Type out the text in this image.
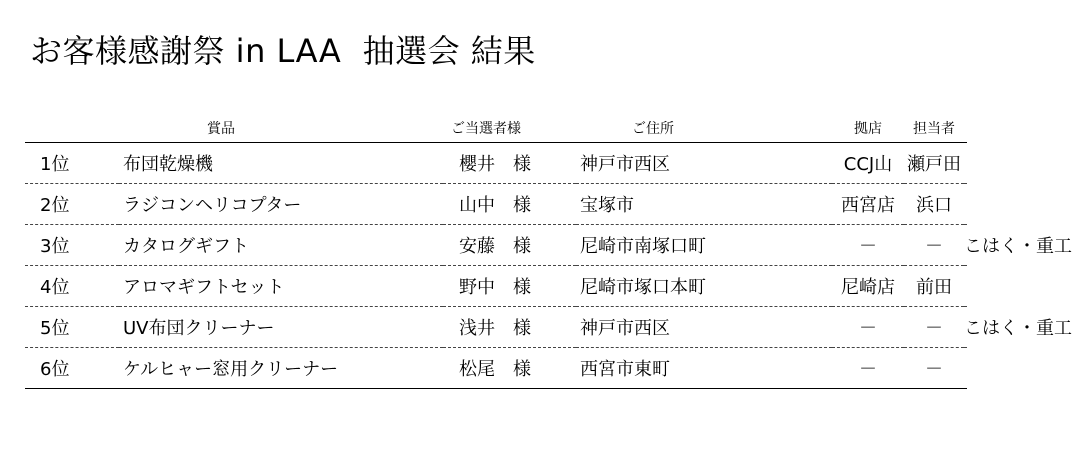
お客様感謝祭 in LAA  抽選会 結果
	賞品	ご当選者様	ご住所	拠店	担当者	
1位	布団乾燥機	櫻井　様	神戸市西区	CCJ山	瀬戸田	
2位	ラジコンヘリコプター	山中　様	宝塚市	西宮店	浜口	
3位	カタログギフト	安藤　様	尼崎市南塚口町	－	－	こはく・重工
4位	アロマギフトセット	野中　様	尼崎市塚口本町	尼崎店	前田	
5位	UV布団クリーナー	浅井　様	神戸市西区	－	－	こはく・重工
6位	ケルヒャー窓用クリーナー	松尾　様	西宮市東町	－	－	
